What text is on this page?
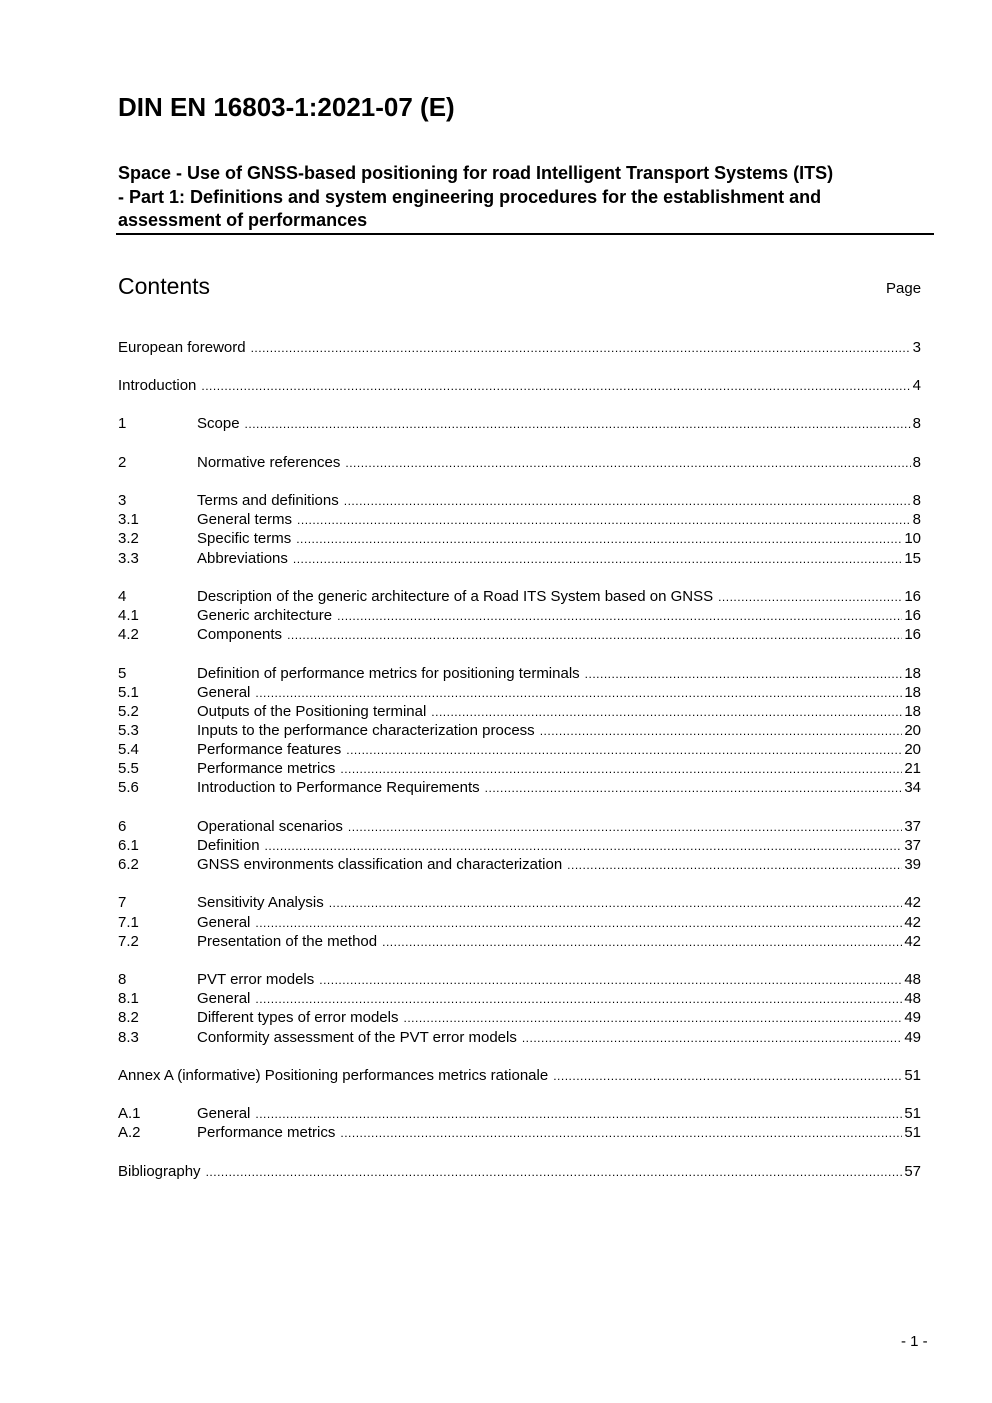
DIN EN 16803-1:2021-07 (E)
Space - Use of GNSS-based positioning for road Intelligent Transport Systems (ITS)
- Part 1: Definitions and system engineering procedures for the establishment and
assessment of performances
Contents	Page
European foreword .....	3
Introduction .....	4
1	Scope .....	8
2	Normative references .....	8
3	Terms and definitions .....	8
3.1	General terms .....	8
3.2	Specific terms .....	10
3.3	Abbreviations .....	15
4	Description of the generic architecture of a Road ITS System based on GNSS .....	16
4.1	Generic architecture .....	16
4.2	Components .....	16
5	Definition of performance metrics for positioning terminals .....	18
5.1	General .....	18
5.2	Outputs of the Positioning terminal .....	18
5.3	Inputs to the performance characterization process .....	20
5.4	Performance features .....	20
5.5	Performance metrics .....	21
5.6	Introduction to Performance Requirements .....	34
6	Operational scenarios .....	37
6.1	Definition .....	37
6.2	GNSS environments classification and characterization .....	39
7	Sensitivity Analysis .....	42
7.1	General .....	42
7.2	Presentation of the method .....	42
8	PVT error models .....	48
8.1	General .....	48
8.2	Different types of error models .....	49
8.3	Conformity assessment of the PVT error models .....	49
Annex A (informative) Positioning performances metrics rationale .....	51
A.1	General .....	51
A.2	Performance metrics .....	51
Bibliography .....	57
- 1 -
